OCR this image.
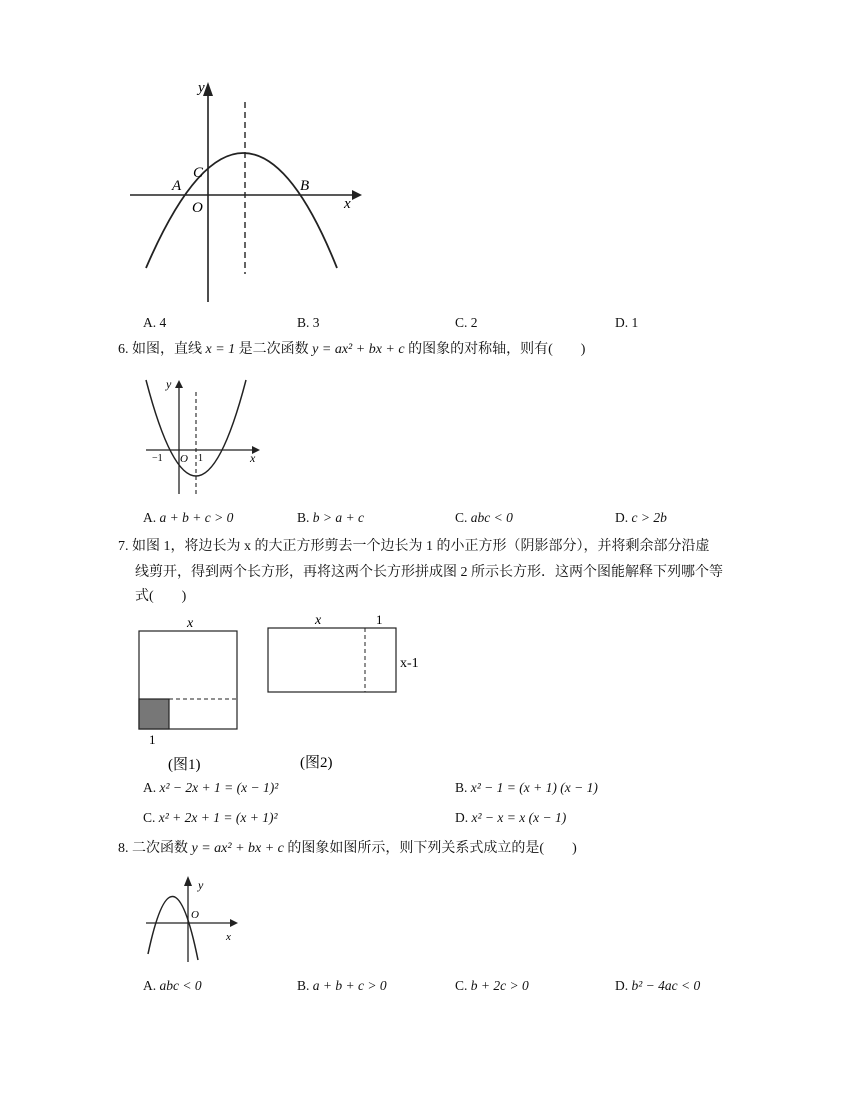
y
x
C
A	B
O
A. 4	B. 3	C. 2	D. 1
6. 如图，直线 x = 1 是二次函数 y = ax² + bx + c 的图象的对称轴，则有(　　)
y
x
O
−1	1
A. a + b + c > 0	B. b > a + c	C. abc < 0	D. c > 2b
7. 如图 1，将边长为 x 的大正方形剪去一个边长为 1 的小正方形（阴影部分），并将剩余部分沿虚
线剪开，得到两个长方形，再将这两个长方形拼成图 2 所示长方形．这两个图能解释下列哪个等
式(　　)
x
1
(图1)
x	1
x-1
(图2)
A. x² − 2x + 1 = (x − 1)²	B. x² − 1 = (x + 1) (x − 1)
C. x² + 2x + 1 = (x + 1)²	D. x² − x = x (x − 1)
8. 二次函数 y = ax² + bx + c 的图象如图所示，则下列关系式成立的是(　　)
y
x
O
A. abc < 0	B. a + b + c > 0	C. b + 2c > 0	D. b² − 4ac < 0
